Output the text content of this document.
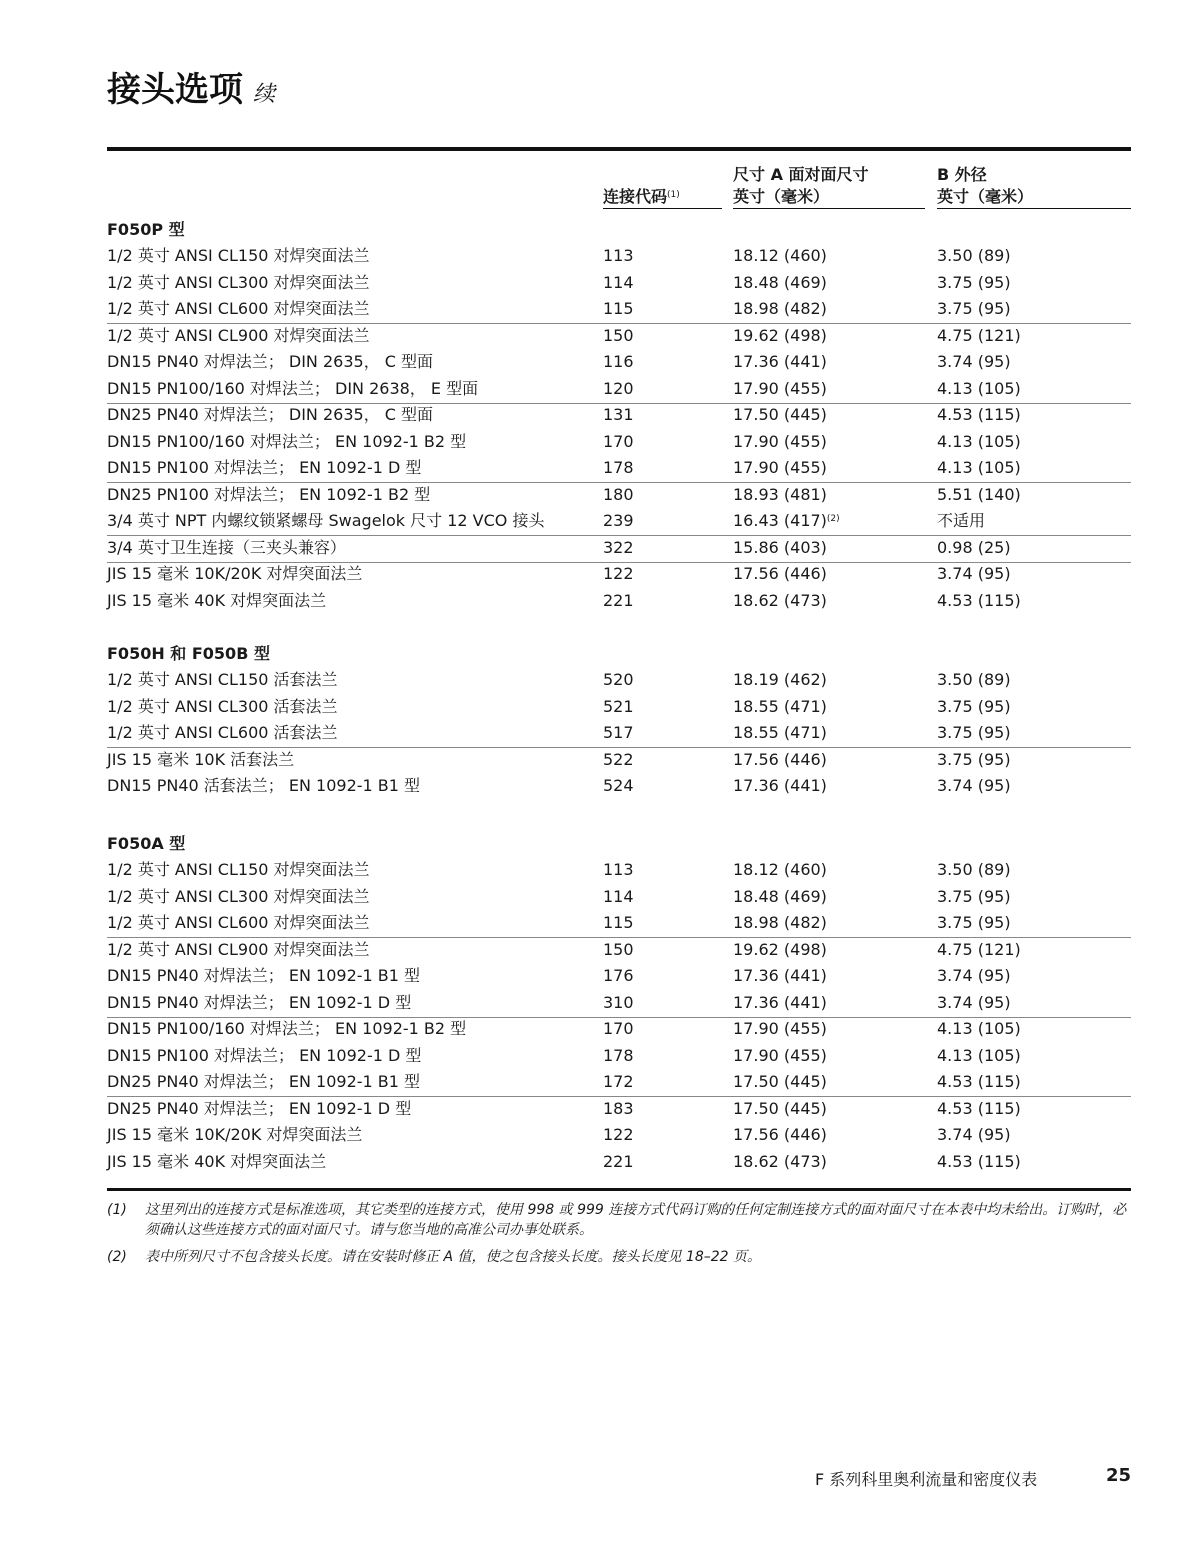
接头选项 续
连接代码$^{(1)}$
尺寸 A 面对面尺寸
英寸（毫米）
B 外径
英寸（毫米）
F050P 型
1/2 英寸 ANSI CL150 对焊突面法兰	113	18.12 (460)	3.50 (89)
1/2 英寸 ANSI CL300 对焊突面法兰	114	18.48 (469)	3.75 (95)
1/2 英寸 ANSI CL600 对焊突面法兰	115	18.98 (482)	3.75 (95)
1/2 英寸 ANSI CL900 对焊突面法兰	150	19.62 (498)	4.75 (121)
DN15 PN40 对焊法兰； DIN 2635， C 型面	116	17.36 (441)	3.74 (95)
DN15 PN100/160 对焊法兰； DIN 2638， E 型面	120	17.90 (455)	4.13 (105)
DN25 PN40 对焊法兰； DIN 2635， C 型面	131	17.50 (445)	4.53 (115)
DN15 PN100/160 对焊法兰； EN 1092-1 B2 型	170	17.90 (455)	4.13 (105)
DN15 PN100 对焊法兰； EN 1092-1 D 型	178	17.90 (455)	4.13 (105)
DN25 PN100 对焊法兰； EN 1092-1 B2 型	180	18.93 (481)	5.51 (140)
3/4 英寸 NPT 内螺纹锁紧螺母 Swagelok 尺寸 12 VCO 接头	239	16.43 $(417)^{(2)}$	不适用
3/4 英寸卫生连接（三夹头兼容）	322	15.86 (403)	0.98 (25)
JIS 15 毫米 10K/20K 对焊突面法兰	122	17.56 (446)	3.74 (95)
JIS 15 毫米 40K 对焊突面法兰	221	18.62 (473)	4.53 (115)
F050H 和 F050B 型
1/2 英寸 ANSI CL150 活套法兰	520	18.19 (462)	3.50 (89)
1/2 英寸 ANSI CL300 活套法兰	521	18.55 (471)	3.75 (95)
1/2 英寸 ANSI CL600 活套法兰	517	18.55 (471)	3.75 (95)
JIS 15 毫米 10K 活套法兰	522	17.56 (446)	3.75 (95)
DN15 PN40 活套法兰； EN 1092-1 B1 型	524	17.36 (441)	3.74 (95)
F050A 型
1/2 英寸 ANSI CL150 对焊突面法兰	113	18.12 (460)	3.50 (89)
1/2 英寸 ANSI CL300 对焊突面法兰	114	18.48 (469)	3.75 (95)
1/2 英寸 ANSI CL600 对焊突面法兰	115	18.98 (482)	3.75 (95)
1/2 英寸 ANSI CL900 对焊突面法兰	150	19.62 (498)	4.75 (121)
DN15 PN40 对焊法兰； EN 1092-1 B1 型	176	17.36 (441)	3.74 (95)
DN15 PN40 对焊法兰； EN 1092-1 D 型	310	17.36 (441)	3.74 (95)
DN15 PN100/160 对焊法兰； EN 1092-1 B2 型	170	17.90 (455)	4.13 (105)
DN15 PN100 对焊法兰； EN 1092-1 D 型	178	17.90 (455)	4.13 (105)
DN25 PN40 对焊法兰； EN 1092-1 B1 型	172	17.50 (445)	4.53 (115)
DN25 PN40 对焊法兰； EN 1092-1 D 型	183	17.50 (445)	4.53 (115)
JIS 15 毫米 10K/20K 对焊突面法兰	122	17.56 (446)	3.74 (95)
JIS 15 毫米 40K 对焊突面法兰	221	18.62 (473)	4.53 (115)
(1) 这里列出的连接方式是标准选项，其它类型的连接方式，使用 998 或 999 连接方式代码订购的任何定制连接方式的面对面尺寸在本表中均未给出。订购时，必须确认这些连接方式的面对面尺寸。请与您当地的高准公司办事处联系。
(2) 表中所列尺寸不包含接头长度。请在安装时修正 A 值，使之包含接头长度。接头长度见 18–22 页。
F 系列科里奥利流量和密度仪表	25
